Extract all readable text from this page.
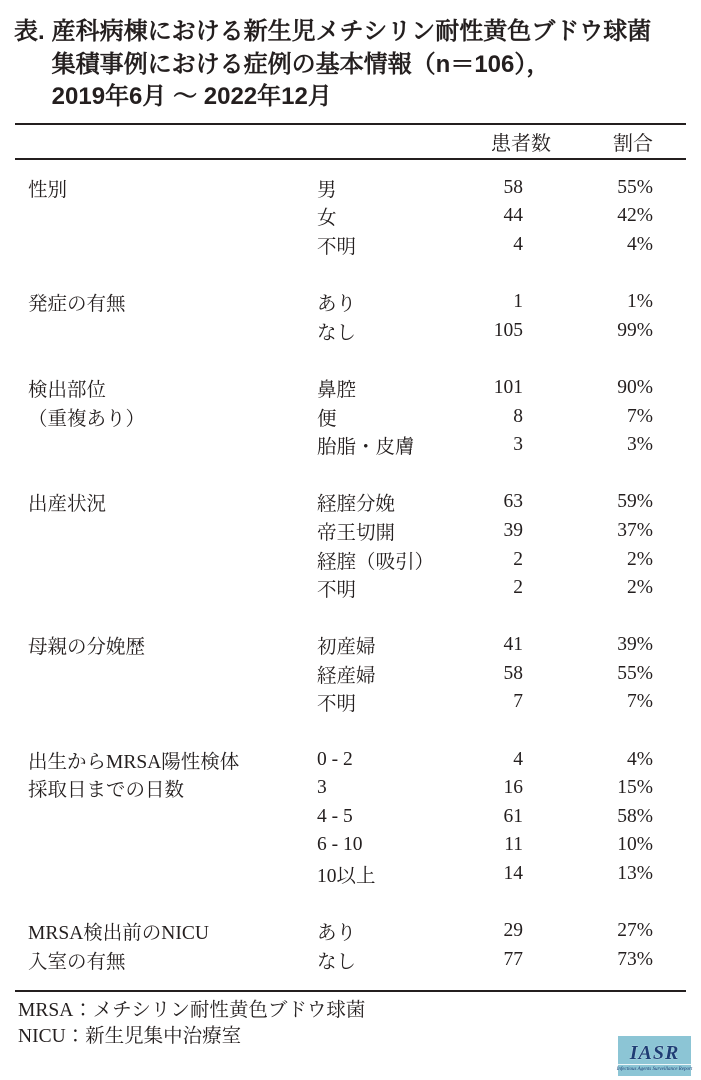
表. 産科病棟における新生児メチシリン耐性黄色ブドウ球菌
集積事例における症例の基本情報（n＝106），
2019年6月 ～ 2022年12月
患者数	割合
性別	男	58	55%
女	44	42%
不明	4	4%
発症の有無	あり	1	1%
なし	105	99%
検出部位
（重複あり）
鼻腔	101	90%
便	8	7%
胎脂・皮膚	3	3%
出産状況	経腟分娩	63	59%
帝王切開	39	37%
経腟（吸引）	2	2%
不明	2	2%
母親の分娩歴	初産婦	41	39%
経産婦	58	55%
不明	7	7%
出生からMRSA陽性検体
採取日までの日数
0 - 2	4	4%
3	16	15%
4 - 5	61	58%
6 - 10	11	10%
10以上	14	13%
MRSA検出前のNICU
入室の有無
あり	29	27%
なし	77	73%
MRSA：メチシリン耐性黄色ブドウ球菌
NICU：新生児集中治療室
IASR
Infectious Agents Surveillance Report
